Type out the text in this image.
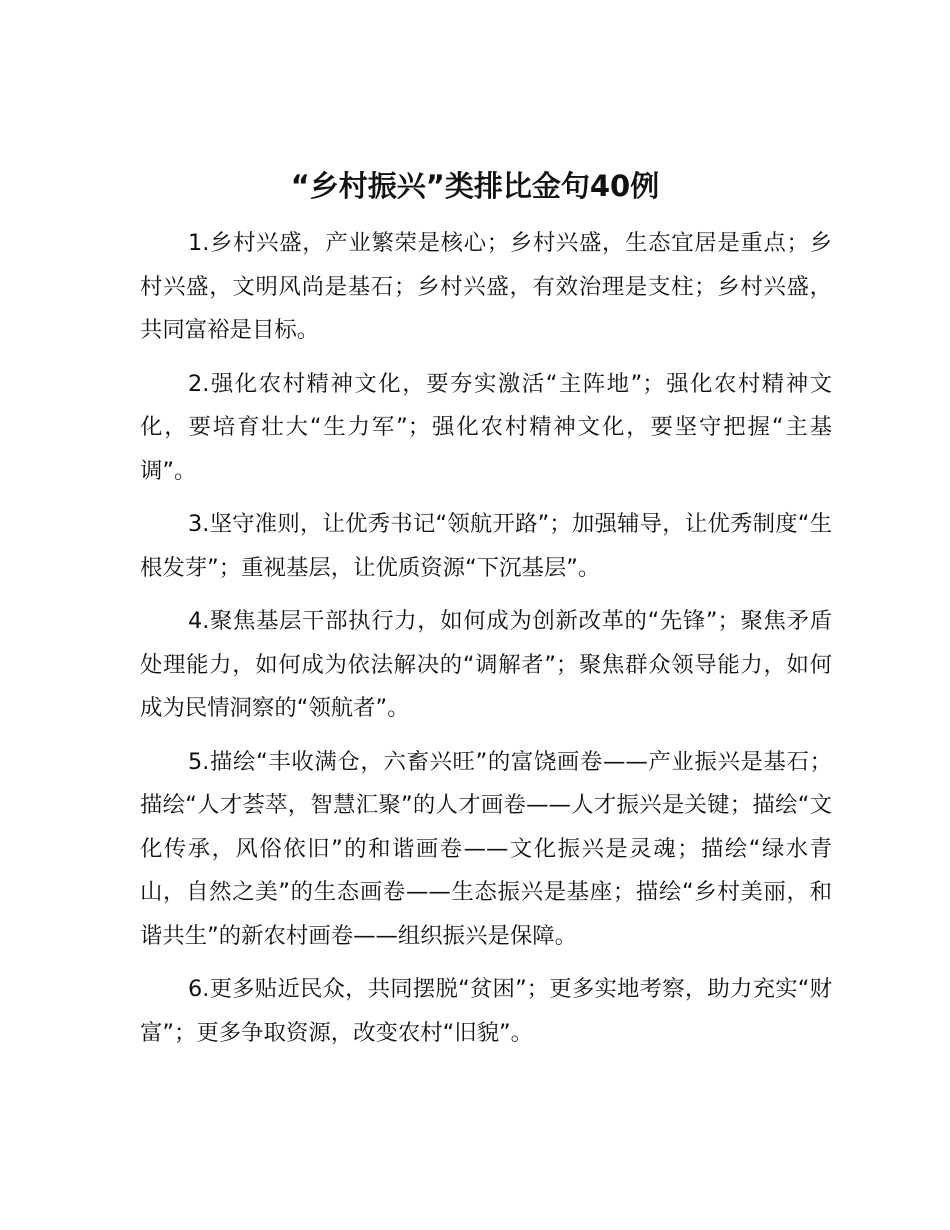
“乡村振兴”类排比金句40例

1.乡村兴盛，产业繁荣是核心；乡村兴盛，生态宜居是重点；乡村兴盛，文明风尚是基石；乡村兴盛，有效治理是支柱；乡村兴盛，共同富裕是目标。

2.强化农村精神文化，要夯实激活“主阵地”；强化农村精神文化，要培育壮大“生力军”；强化农村精神文化，要坚守把握“主基调”。

3.坚守准则，让优秀书记“领航开路”；加强辅导，让优秀制度“生根发芽”；重视基层，让优质资源“下沉基层”。

4.聚焦基层干部执行力，如何成为创新改革的“先锋”；聚焦矛盾处理能力，如何成为依法解决的“调解者”；聚焦群众领导能力，如何成为民情洞察的“领航者”。

5.描绘“丰收满仓，六畜兴旺”的富饶画卷——产业振兴是基石；描绘“人才荟萃，智慧汇聚”的人才画卷——人才振兴是关键；描绘“文化传承，风俗依旧”的和谐画卷——文化振兴是灵魂；描绘“绿水青山，自然之美”的生态画卷——生态振兴是基座；描绘“乡村美丽，和谐共生”的新农村画卷——组织振兴是保障。

6.更多贴近民众，共同摆脱“贫困”；更多实地考察，助力充实“财富”；更多争取资源，改变农村“旧貌”。
